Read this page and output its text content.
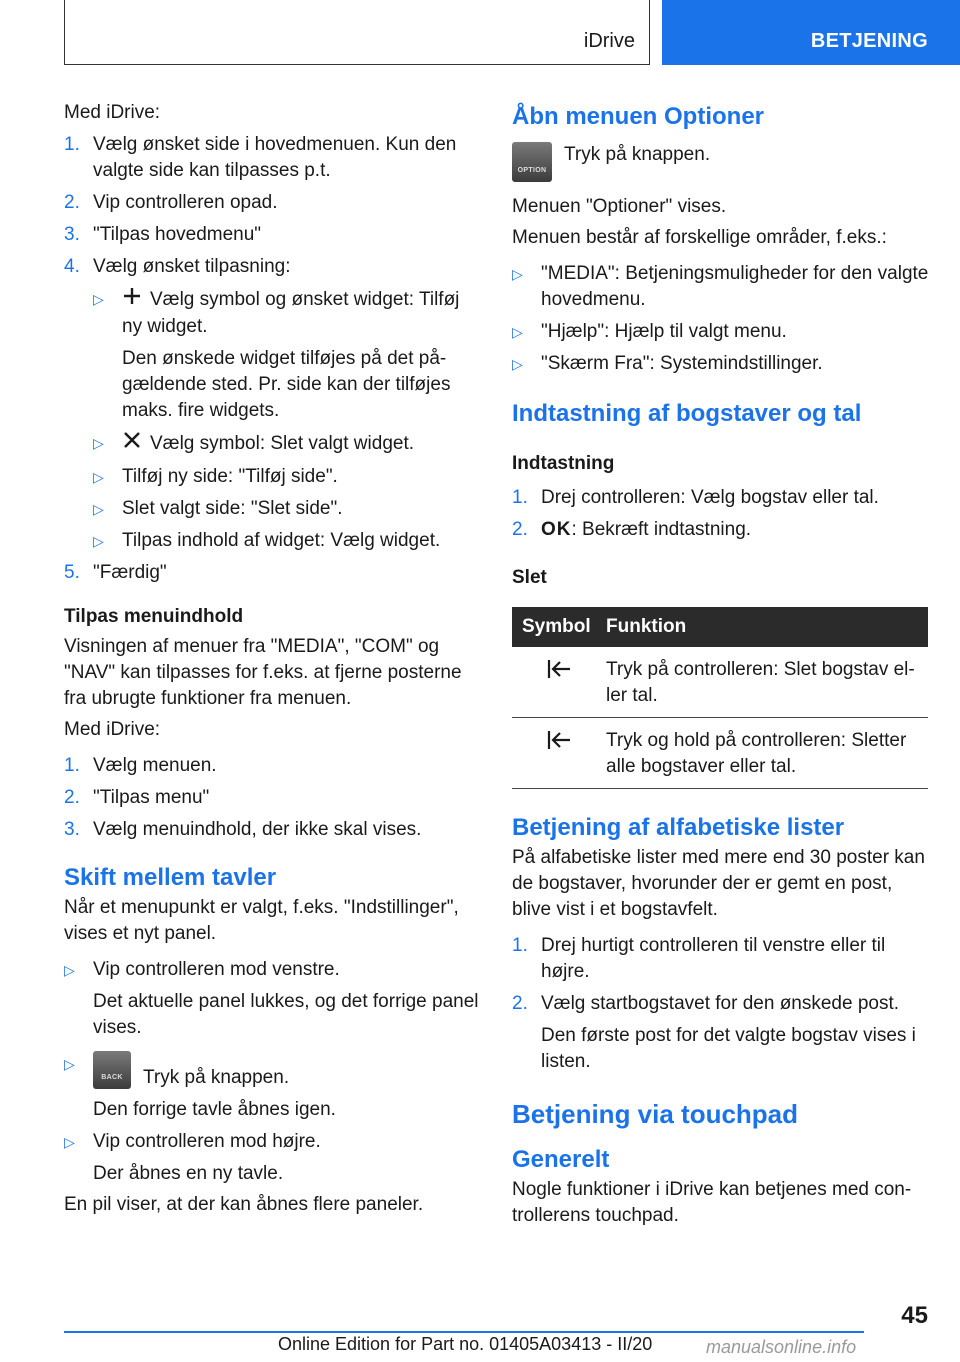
iDrive	BETJENING
Med iDrive:
1. Vælg ønsket side i hovedmenuen. Kun den valgte side kan tilpasses p.t.
2. Vip controlleren opad.
3. "Tilpas hovedmenu"
4. Vælg ønsket tilpasning:
▷ Vælg symbol og ønsket widget: Tilføj ny widget.
Den ønskede widget tilføjes på det på-gældende sted. Pr. side kan der tilføjes maks. fire widgets.
▷ Vælg symbol: Slet valgt widget.
▷ Tilføj ny side: "Tilføj side".
▷ Slet valgt side: "Slet side".
▷ Tilpas indhold af widget: Vælg widget.
5. "Færdig"
Tilpas menuindhold
Visningen af menuer fra "MEDIA", "COM" og "NAV" kan tilpasses for f.eks. at fjerne posterne fra ubrugte funktioner fra menuen.
Med iDrive:
1. Vælg menuen.
2. "Tilpas menu"
3. Vælg menuindhold, der ikke skal vises.
Skift mellem tavler
Når et menupunkt er valgt, f.eks. "Indstillinger", vises et nyt panel.
▷ Vip controlleren mod venstre.
Det aktuelle panel lukkes, og det forrige panel vises.
▷
BACK	Tryk på knappen.
Den forrige tavle åbnes igen.
▷ Vip controlleren mod højre.
Der åbnes en ny tavle.
En pil viser, at der kan åbnes flere paneler.
Åbn menuen Optioner
OPTION
Tryk på knappen.
Menuen "Optioner" vises.
Menuen består af forskellige områder, f.eks.:
▷ "MEDIA": Betjeningsmuligheder for den valgte hovedmenu.
▷ "Hjælp": Hjælp til valgt menu.
▷ "Skærm Fra": Systemindstillinger.
Indtastning af bogstaver og tal
Indtastning
1. Drej controlleren: Vælg bogstav eller tal.
2. OK: Bekræft indtastning.
Slet
Symbol	Funktion
	Tryk på controlleren: Slet bogstav el-ler tal.
	Tryk og hold på controlleren: Sletter alle bogstaver eller tal.
Betjening af alfabetiske lister
På alfabetiske lister med mere end 30 poster kan de bogstaver, hvorunder der er gemt en post, blive vist i et bogstavfelt.
1. Drej hurtigt controlleren til venstre eller til højre.
2. Vælg startbogstavet for den ønskede post.
Den første post for det valgte bogstav vises i listen.
Betjening via touchpad
Generelt
Nogle funktioner i iDrive kan betjenes med con-trollerens touchpad.
45
Online Edition for Part no. 01405A03413 - II/20	manualsonline.info
